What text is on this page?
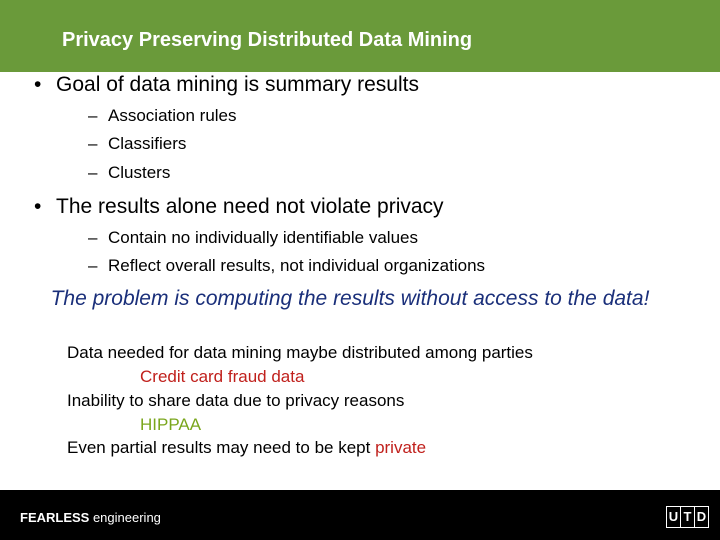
Privacy Preserving Distributed Data Mining
• Goal of data mining is summary results
– Association rules
– Classifiers
– Clusters
• The results alone need not violate privacy
– Contain no individually identifiable values
– Reflect overall results, not individual organizations
The problem is computing the results without access to the data!
Data needed for data mining maybe distributed among parties
Credit card fraud data
Inability to share data due to privacy reasons
HIPPAA
Even partial results may need to be kept private
FEARLESS engineering	U T D
